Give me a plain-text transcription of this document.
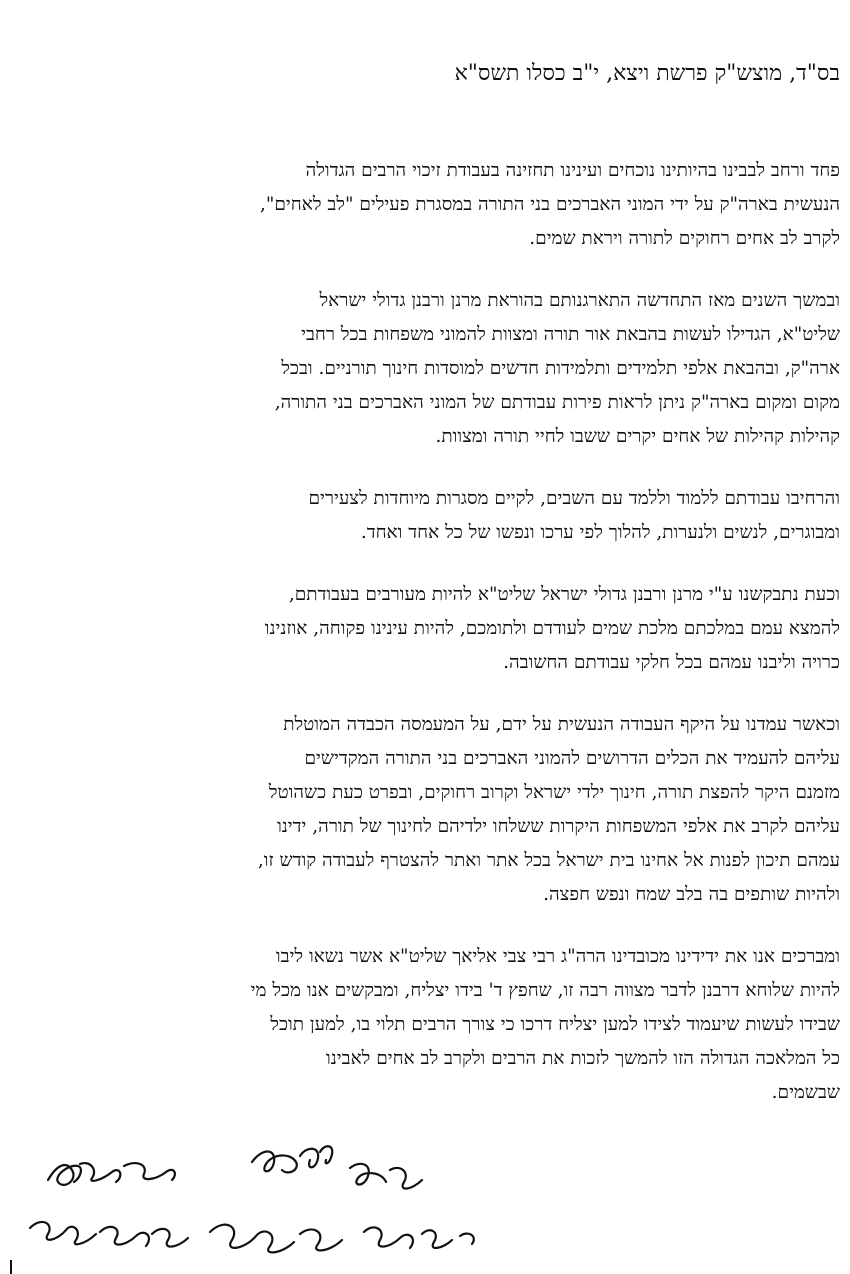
בס"ד, מוצש"ק פרשת ויצא, י"ב כסלו תשס"א
פחד ורחב לבבינו בהיותינו נוכחים ועינינו תחזינה בעבודת זיכוי הרבים הגדולה
הנעשית בארה"ק על ידי המוני האברכים בני התורה במסגרת פעילים "לב לאחים",
לקרב לב אחים רחוקים לתורה ויראת שמים.
ובמשך השנים מאז התחדשה התארגנותם בהוראת מרנן ורבנן גדולי ישראל
שליט"א, הגדילו לעשות בהבאת אור תורה ומצוות להמוני משפחות בכל רחבי
ארה"ק, ובהבאת אלפי תלמידים ותלמידות חדשים למוסדות חינוך תורניים. ובכל
מקום ומקום בארה"ק ניתן לראות פירות עבודתם של המוני האברכים בני התורה,
קהילות קהילות של אחים יקרים ששבו לחיי תורה ומצוות.
והרחיבו עבודתם ללמוד וללמד עם השבים, לקיים מסגרות מיוחדות לצעירים
ומבוגרים, לנשים ולנערות, להלוך לפי ערכו ונפשו של כל אחד ואחד.
וכעת נתבקשנו ע"י מרנן ורבנן גדולי ישראל שליט"א להיות מעורבים בעבודתם,
להמצא עמם במלכתם מלכת שמים לעודדם ולתומכם, להיות עינינו פקוחה, אוזנינו
כרויה וליבנו עמהם בכל חלקי עבודתם החשובה.
וכאשר עמדנו על היקף העבודה הנעשית על ידם, על המעמסה הכבדה המוטלת
עליהם להעמיד את הכלים הדרושים להמוני האברכים בני התורה המקדישים
מזמנם היקר להפצת תורה, חינוך ילדי ישראל וקרוב רחוקים, ובפרט כעת כשהוטל
עליהם לקרב את אלפי המשפחות היקרות ששלחו ילדיהם לחינוך של תורה, ידינו
עמהם תיכון לפנות אל אחינו בית ישראל בכל אתר ואתר להצטרף לעבודה קודש זו,
ולהיות שותפים בה בלב שמח ונפש חפצה.
ומברכים אנו את ידידינו מכובדינו הרה"ג רבי צבי אליאך שליט"א אשר נשאו ליבו
להיות שלוחא דרבנן לדבר מצווה רבה זו, שחפץ ד' בידו יצליח, ומבקשים אנו מכל מי
שבידו לעשות שיעמוד לצידו למען יצליח דרכו כי צורך הרבים תלוי בו, למען תוכל
כל המלאכה הגדולה הזו להמשך לזכות את הרבים ולקרב לב אחים לאבינו
שבשמים.
